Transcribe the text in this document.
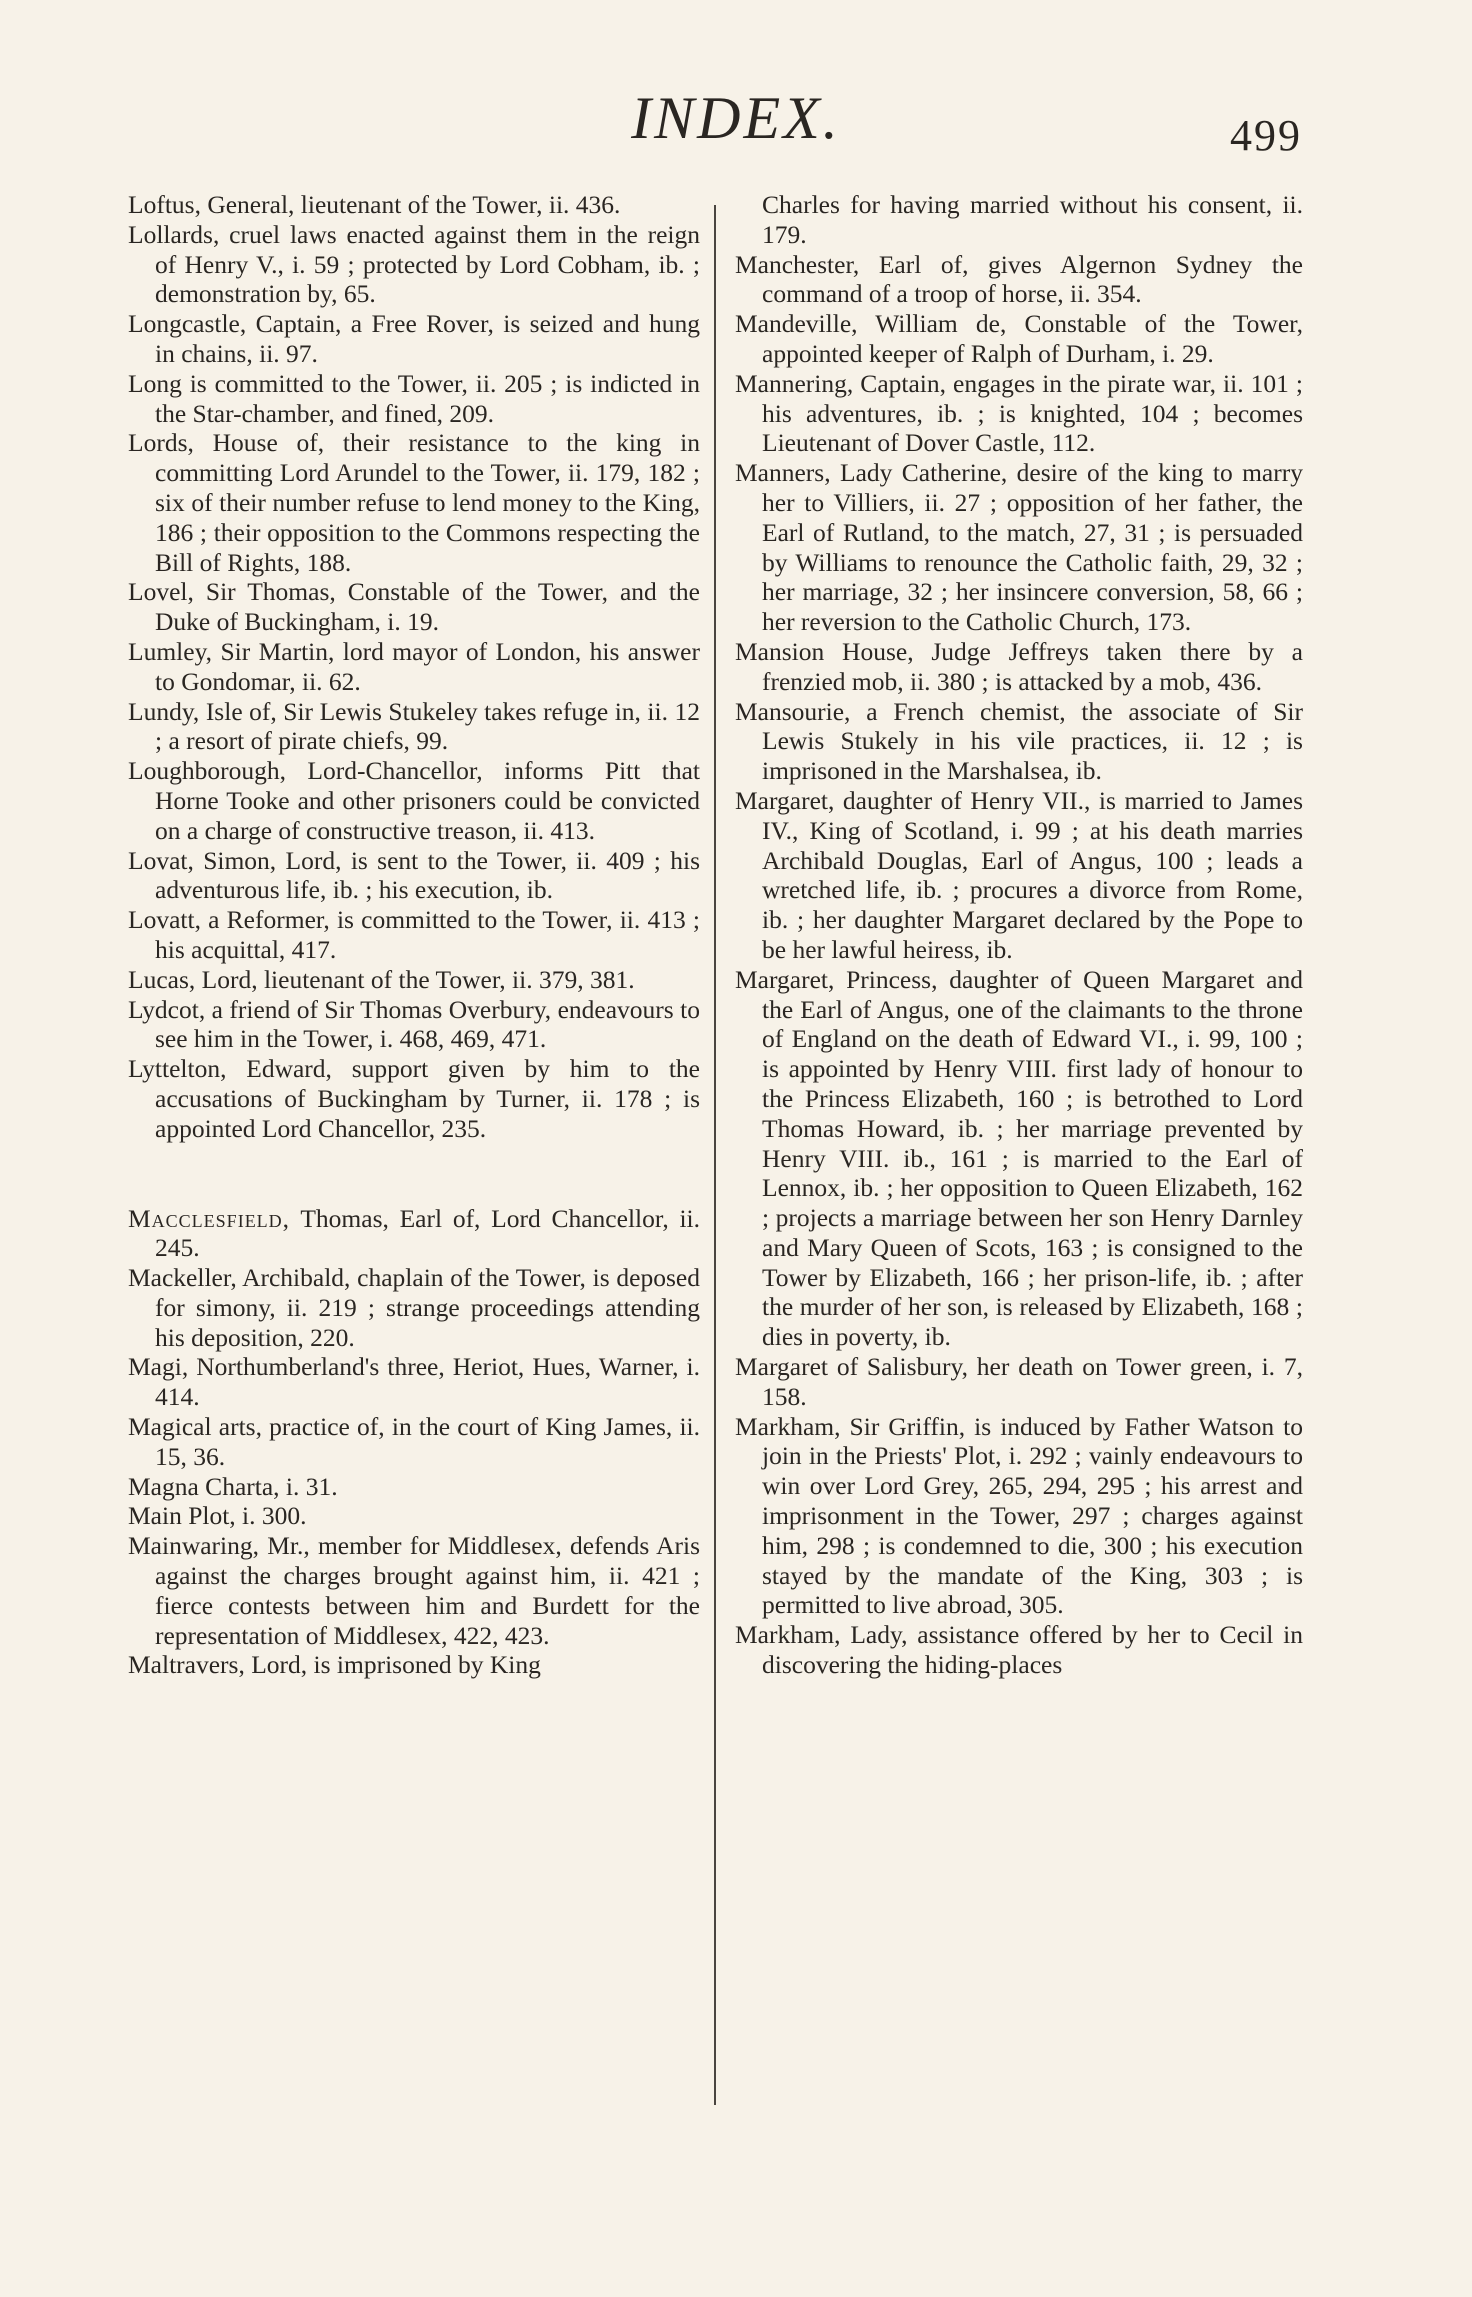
INDEX.	499

Loftus, General, lieutenant of the Tower, ii. 436.

Lollards, cruel laws enacted against them in the reign of Henry V., i. 59 ; protected by Lord Cobham, ib. ; demonstration by, 65.

Longcastle, Captain, a Free Rover, is seized and hung in chains, ii. 97.

Long is committed to the Tower, ii. 205 ; is indicted in the Star-chamber, and fined, 209.

Lords, House of, their resistance to the king in committing Lord Arundel to the Tower, ii. 179, 182 ; six of their number refuse to lend money to the King, 186 ; their opposition to the Commons respecting the Bill of Rights, 188.

Lovel, Sir Thomas, Constable of the Tower, and the Duke of Buckingham, i. 19.

Lumley, Sir Martin, lord mayor of London, his answer to Gondomar, ii. 62.

Lundy, Isle of, Sir Lewis Stukeley takes refuge in, ii. 12 ; a resort of pirate chiefs, 99.

Loughborough, Lord-Chancellor, informs Pitt that Horne Tooke and other prisoners could be convicted on a charge of constructive treason, ii. 413.

Lovat, Simon, Lord, is sent to the Tower, ii. 409 ; his adventurous life, ib. ; his execution, ib.

Lovatt, a Reformer, is committed to the Tower, ii. 413 ; his acquittal, 417.

Lucas, Lord, lieutenant of the Tower, ii. 379, 381.

Lydcot, a friend of Sir Thomas Overbury, endeavours to see him in the Tower, i. 468, 469, 471.

Lyttelton, Edward, support given by him to the accusations of Buckingham by Turner, ii. 178 ; is appointed Lord Chancellor, 235.

Macclesfield, Thomas, Earl of, Lord Chancellor, ii. 245.

Mackeller, Archibald, chaplain of the Tower, is deposed for simony, ii. 219 ; strange proceedings attending his deposition, 220.

Magi, Northumberland's three, Heriot, Hues, Warner, i. 414.

Magical arts, practice of, in the court of King James, ii. 15, 36.

Magna Charta, i. 31.

Main Plot, i. 300.

Mainwaring, Mr., member for Middlesex, defends Aris against the charges brought against him, ii. 421 ; fierce contests between him and Burdett for the representation of Middlesex, 422, 423.

Maltravers, Lord, is imprisoned by King

Charles for having married without his consent, ii. 179.

Manchester, Earl of, gives Algernon Sydney the command of a troop of horse, ii. 354.

Mandeville, William de, Constable of the Tower, appointed keeper of Ralph of Durham, i. 29.

Mannering, Captain, engages in the pirate war, ii. 101 ; his adventures, ib. ; is knighted, 104 ; becomes Lieutenant of Dover Castle, 112.

Manners, Lady Catherine, desire of the king to marry her to Villiers, ii. 27 ; opposition of her father, the Earl of Rutland, to the match, 27, 31 ; is persuaded by Williams to renounce the Catholic faith, 29, 32 ; her marriage, 32 ; her insincere conversion, 58, 66 ; her reversion to the Catholic Church, 173.

Mansion House, Judge Jeffreys taken there by a frenzied mob, ii. 380 ; is attacked by a mob, 436.

Mansourie, a French chemist, the associate of Sir Lewis Stukely in his vile practices, ii. 12 ; is imprisoned in the Marshalsea, ib.

Margaret, daughter of Henry VII., is married to James IV., King of Scotland, i. 99 ; at his death marries Archibald Douglas, Earl of Angus, 100 ; leads a wretched life, ib. ; procures a divorce from Rome, ib. ; her daughter Margaret declared by the Pope to be her lawful heiress, ib.

Margaret, Princess, daughter of Queen Margaret and the Earl of Angus, one of the claimants to the throne of England on the death of Edward VI., i. 99, 100 ; is appointed by Henry VIII. first lady of honour to the Princess Elizabeth, 160 ; is betrothed to Lord Thomas Howard, ib. ; her marriage prevented by Henry VIII. ib., 161 ; is married to the Earl of Lennox, ib. ; her opposition to Queen Elizabeth, 162 ; projects a marriage between her son Henry Darnley and Mary Queen of Scots, 163 ; is consigned to the Tower by Elizabeth, 166 ; her prison-life, ib. ; after the murder of her son, is released by Elizabeth, 168 ; dies in poverty, ib.

Margaret of Salisbury, her death on Tower green, i. 7, 158.

Markham, Sir Griffin, is induced by Father Watson to join in the Priests' Plot, i. 292 ; vainly endeavours to win over Lord Grey, 265, 294, 295 ; his arrest and imprisonment in the Tower, 297 ; charges against him, 298 ; is condemned to die, 300 ; his execution stayed by the mandate of the King, 303 ; is permitted to live abroad, 305.

Markham, Lady, assistance offered by her to Cecil in discovering the hiding-places
